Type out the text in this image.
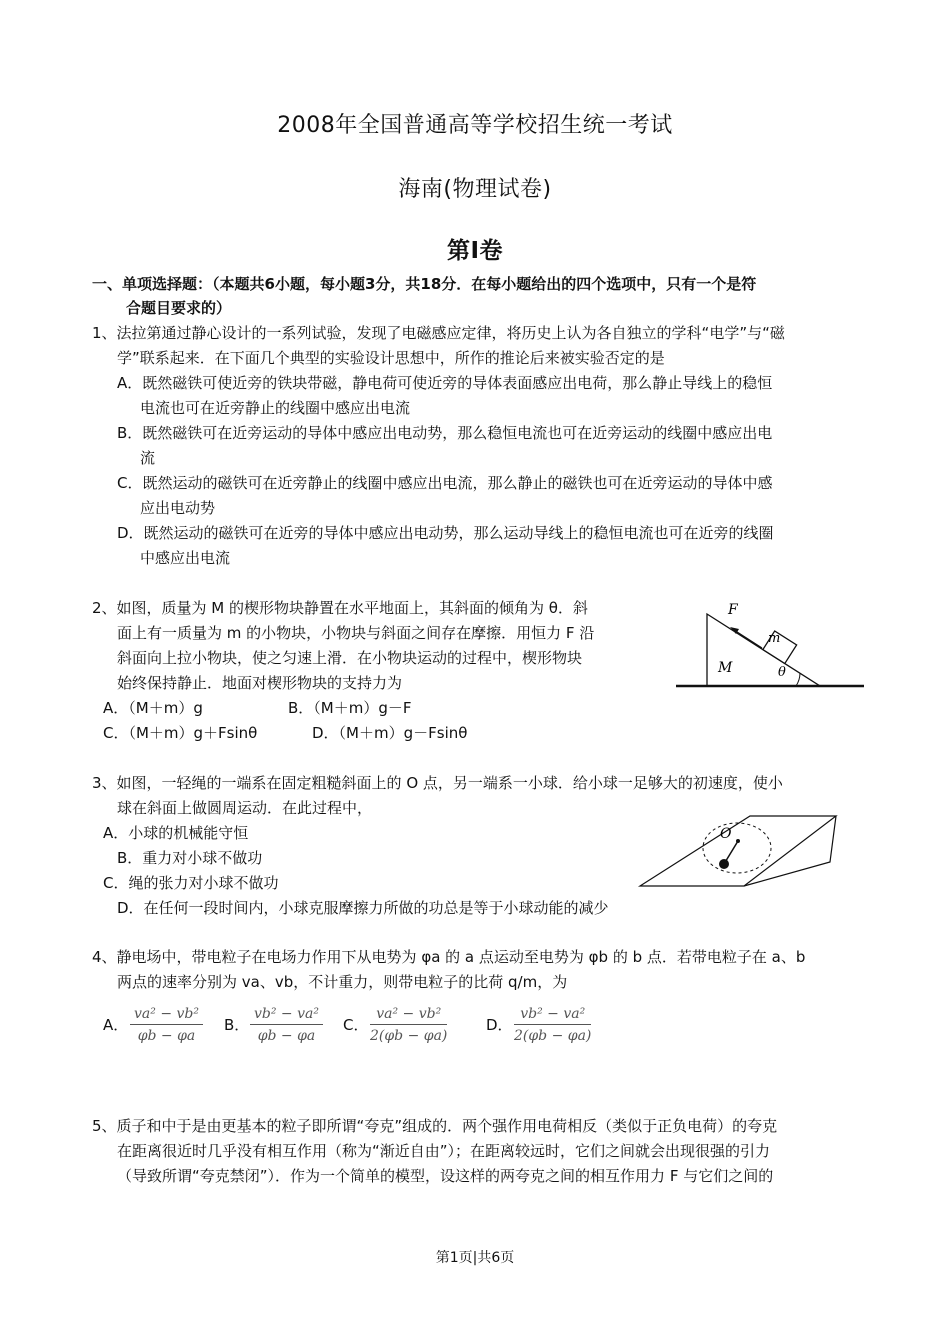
2008年全国普通高等学校招生统一考试
海南(物理试卷)
第I卷
一、单项选择题：（本题共6小题，每小题3分，共18分．在每小题给出的四个选项中，只有一个是符
合题目要求的）
1、法拉第通过静心设计的一系列试验，发现了电磁感应定律，将历史上认为各自独立的学科“电学”与“磁
学”联系起来．在下面几个典型的实验设计思想中，所作的推论后来被实验否定的是
A．既然磁铁可使近旁的铁块带磁，静电荷可使近旁的导体表面感应出电荷，那么静止导线上的稳恒
电流也可在近旁静止的线圈中感应出电流
B．既然磁铁可在近旁运动的导体中感应出电动势，那么稳恒电流也可在近旁运动的线圈中感应出电
流
C．既然运动的磁铁可在近旁静止的线圈中感应出电流，那么静止的磁铁也可在近旁运动的导体中感
应出电动势
D．既然运动的磁铁可在近旁的导体中感应出电动势，那么运动导线上的稳恒电流也可在近旁的线圈
中感应出电流
2、如图，质量为 M 的楔形物块静置在水平地面上，其斜面的倾角为 θ．斜
面上有一质量为 m 的小物块，小物块与斜面之间存在摩擦．用恒力 F 沿
斜面向上拉小物块，使之匀速上滑．在小物块运动的过程中，楔形物块
始终保持静止．地面对楔形物块的支持力为
A．（M＋m）g	B．（M＋m）g－F
C．（M＋m）g＋Fsinθ	D．（M＋m）g－Fsinθ
m
F
M	θ
3、如图，一轻绳的一端系在固定粗糙斜面上的 O 点，另一端系一小球．给小球一足够大的初速度，使小
球在斜面上做圆周运动．在此过程中，
A．小球的机械能守恒
B．重力对小球不做功
C．绳的张力对小球不做功
D．在任何一段时间内，小球克服摩擦力所做的功总是等于小球动能的减少
O
4、静电场中，带电粒子在电场力作用下从电势为 φa 的 a 点运动至电势为 φb 的 b 点．若带电粒子在 a、b
两点的速率分别为 va、vb，不计重力，则带电粒子的比荷 q/m，为
A． $\frac{\text{va² − vb²}}{\varphi b - \varphi a}$ B． $\frac{\text{vb² − va²}}{\varphi b - \varphi a}$ C． $\frac{\text{va² − vb²}}{2(\varphi b - \varphi a)}$	D． $\frac{\text{vb² − va²}}{2(\varphi b - \varphi a)}$
5、质子和中于是由更基本的粒子即所谓“夸克”组成的．两个强作用电荷相反（类似于正负电荷）的夸克
在距离很近时几乎没有相互作用（称为“渐近自由”）；在距离较远时，它们之间就会出现很强的引力
（导致所谓“夸克禁闭”）．作为一个简单的模型，设这样的两夸克之间的相互作用力 F 与它们之间的
第1页|共6页
